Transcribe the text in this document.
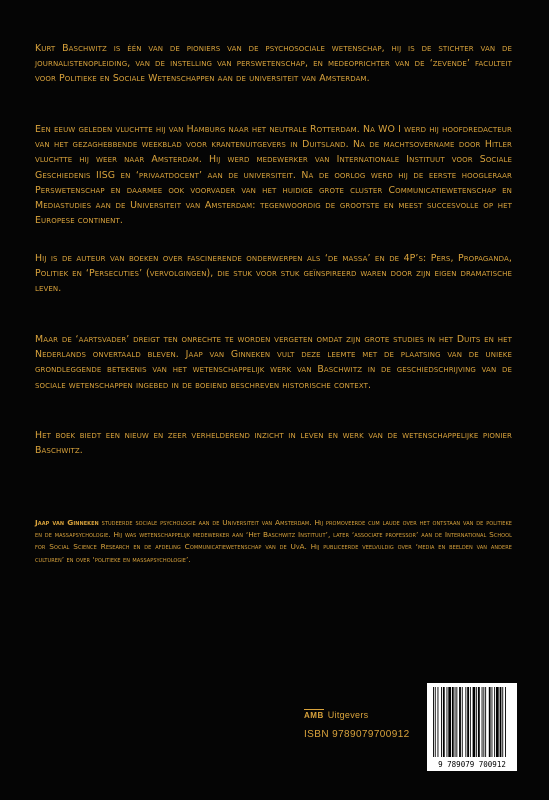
Kurt Baschwitz is één van de pioniers van de psychosociale wetenschap, hij is de stichter van de journalistenopleiding, van de instelling van perswetenschap, en medeoprichter van de ‘zevende’ faculteit voor Politieke en Sociale Wetenschappen aan de universiteit van Amsterdam.
Een eeuw geleden vluchtte hij van Hamburg naar het neutrale Rotterdam. Na WO I werd hij hoofdredacteur van het gezaghebbende weekblad voor krantenuitgevers in Duitsland. Na de machtsovername door Hitler vluchtte hij weer naar Amsterdam. Hij werd medewerker van Internationale Instituut voor Sociale Geschiedenis IISG en ‘privaatdocent’ aan de universiteit. Na de oorlog werd hij de eerste hoogleraar Perswetenschap en daarmee ook voorvader van het huidige grote cluster Communicatiewetenschap en Mediastudies aan de Universiteit van Amsterdam: tegenwoordig de grootste en meest succesvolle op het Europese continent.
Hij is de auteur van boeken over fascinerende onderwerpen als ‘de massa’ en de 4P’s: Pers, Propaganda, Politiek en ‘Persecuties’ (vervolgingen), die stuk voor stuk geïnspireerd waren door zijn eigen dramatische leven.
Maar de ‘aartsvader’ dreigt ten onrechte te worden vergeten omdat zijn grote studies in het Duits en het Nederlands onvertaald bleven. Jaap van Ginneken vult deze leemte met de plaatsing van de unieke grondleggende betekenis van het wetenschappelijk werk van Baschwitz in de geschiedschrijving van de sociale wetenschappen ingebed in de boeiend beschreven historische context.
Het boek biedt een nieuw en zeer verhelderend inzicht in leven en werk van de wetenschappelijke pionier Baschwitz.
Jaap van Ginneken studeerde sociale psychologie aan de Universiteit van Amsterdam. Hij promoveerde cum laude over het ontstaan van de politieke en de massapsychologie. Hij was wetenschappelijk medewerker aan ‘Het Baschwitz Instituut’, later ‘associate professor’ aan de International School for Social Science Research en de afdeling Communicatiewetenschap van de UvA. Hij publiceerde veelvuldig over ‘media en beelden van andere culturen’ en over ‘politieke en massapsychologie’.
AMB Uitgevers
ISBN 9789079700912
9 789079 700912
